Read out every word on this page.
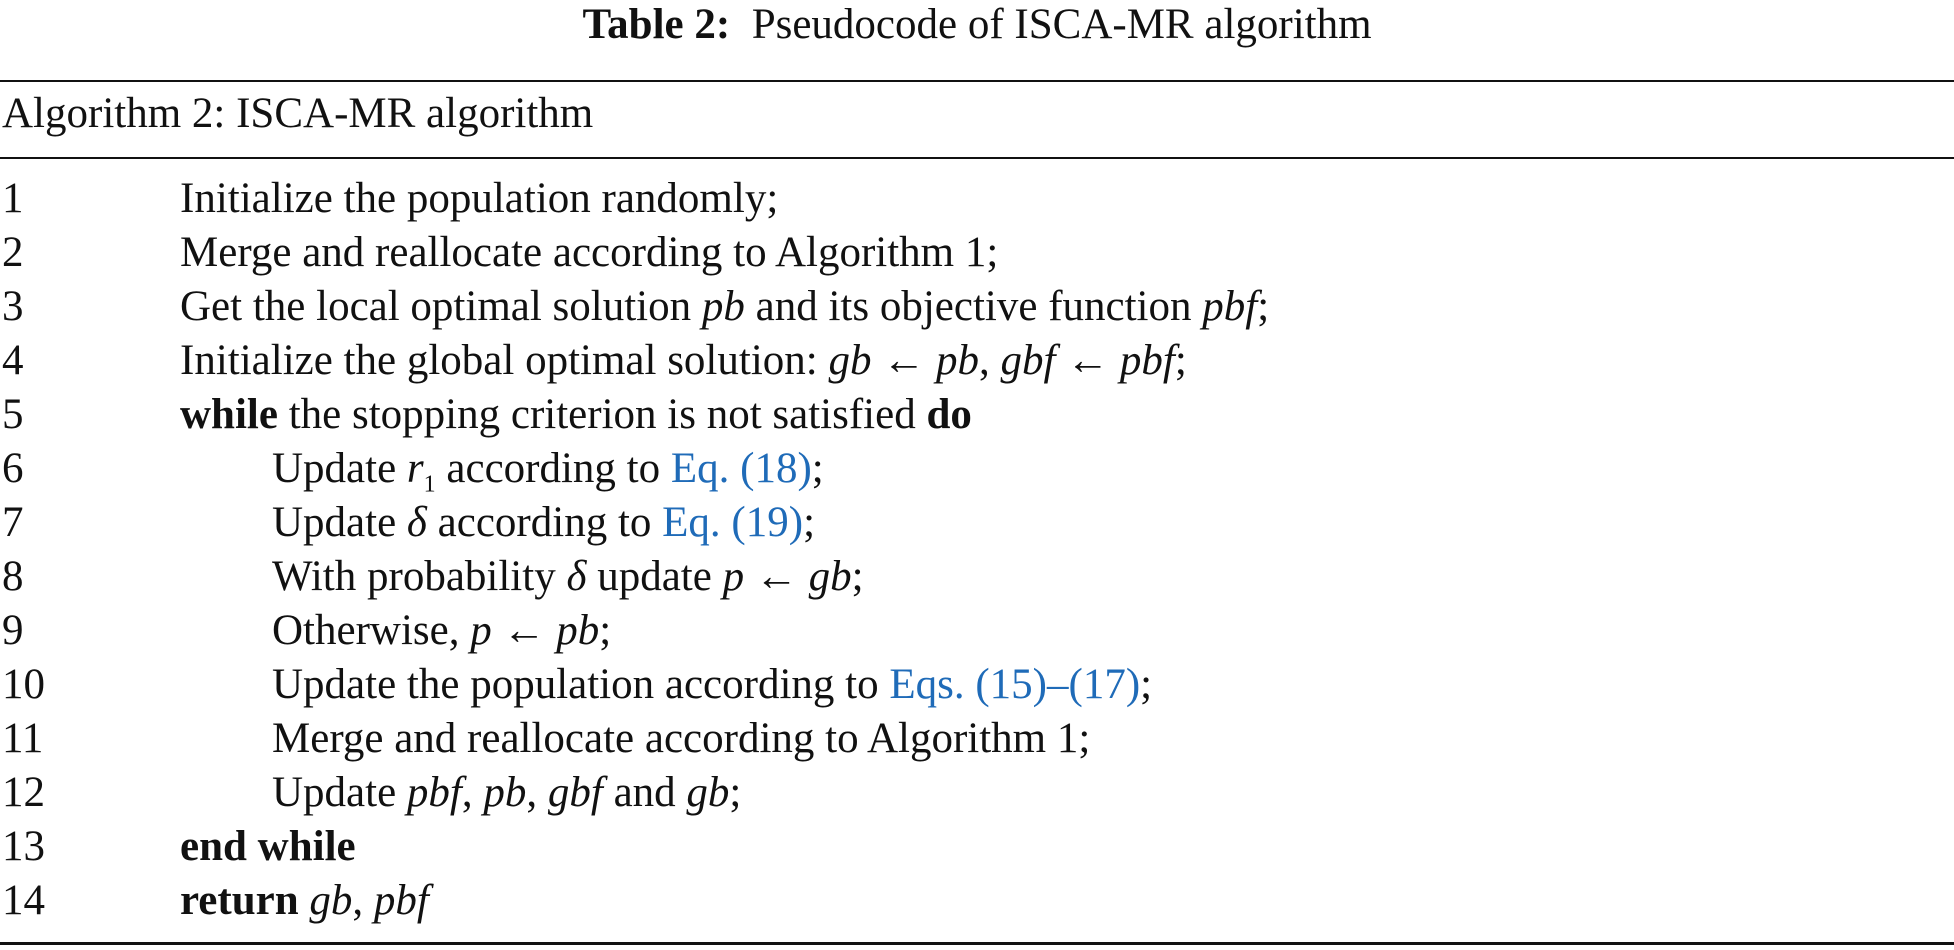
Table 2: Pseudocode of ISCA-MR algorithm
Algorithm 2: ISCA-MR algorithm
1	Initialize the population randomly;
2	Merge and reallocate according to Algorithm 1;
3	Get the local optimal solution pb and its objective function pbf;
4	Initialize the global optimal solution: gb ← pb, gbf ← pbf;
5	while the stopping criterion is not satisfied do
6	Update $r_1$ according to Eq. (18);
7	Update δ according to Eq. (19);
8	With probability δ update p ← gb;
9	Otherwise, p ← pb;
10	Update the population according to Eqs. (15)–(17);
11	Merge and reallocate according to Algorithm 1;
12	Update pbf, pb, gbf and gb;
13	end while
14	return gb, pbf
